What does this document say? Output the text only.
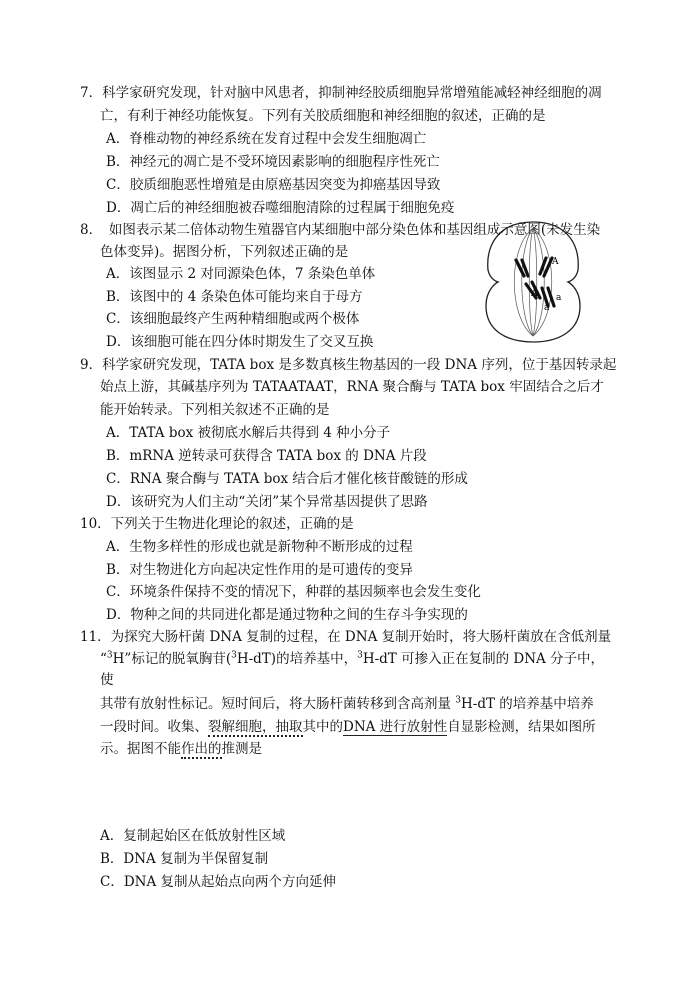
7．科学家研究发现，针对脑中风患者，抑制神经胶质细胞异常增殖能减轻神经细胞的凋
亡，有利于神经功能恢复。下列有关胶质细胞和神经细胞的叙述，正确的是
A．脊椎动物的神经系统在发育过程中会发生细胞凋亡
B．神经元的凋亡是不受环境因素影响的细胞程序性死亡
C．胶质细胞恶性增殖是由原癌基因突变为抑癌基因导致
D．凋亡后的神经细胞被吞噬细胞清除的过程属于细胞免疫
8．　如图表示某二倍体动物生殖器官内某细胞中部分染色体和基因组成示意图(未发生染
色体变异)。据图分析，下列叙述正确的是
A．该图显示 2 对同源染色体，7 条染色单体
B．该图中的 4 条染色体可能均来自于母方
C．该细胞最终产生两种精细胞或两个极体
D．该细胞可能在四分体时期发生了交叉互换
A
A a
a
9．科学家研究发现，TATA box 是多数真核生物基因的一段 DNA 序列，位于基因转录起
始点上游，其碱基序列为 TATAATAAT，RNA 聚合酶与 TATA box 牢固结合之后才
能开始转录。下列相关叙述不正确的是
A．TATA box 被彻底水解后共得到 4 种小分子
B．mRNA 逆转录可获得含 TATA box 的 DNA 片段
C．RNA 聚合酶与 TATA box 结合后才催化核苷酸链的形成
D．该研究为人们主动“关闭”某个异常基因提供了思路
10．下列关于生物进化理论的叙述，正确的是
A．生物多样性的形成也就是新物种不断形成的过程
B．对生物进化方向起决定性作用的是可遗传的变异
C．环境条件保持不变的情况下，种群的基因频率也会发生变化
D．物种之间的共同进化都是通过物种之间的生存斗争实现的
11．为探究大肠杆菌 DNA 复制的过程，在 DNA 复制开始时，将大肠杆菌放在含低剂量
“$^3$H”标记的脱氧胸苷($^3$H-dT)的培养基中，$^3$H-dT 可掺入正在复制的 DNA 分子中，
使
其带有放射性标记。短时间后，将大肠杆菌转移到含高剂量 $^3$H-dT 的培养基中培养
一段时间。收集、裂解细胞，抽取其中的DNA 进行放射性自显影检测，结果如图所
示。据图不能作出的推测是
A．复制起始区在低放射性区域
B．DNA 复制为半保留复制
C．DNA 复制从起始点向两个方向延伸
